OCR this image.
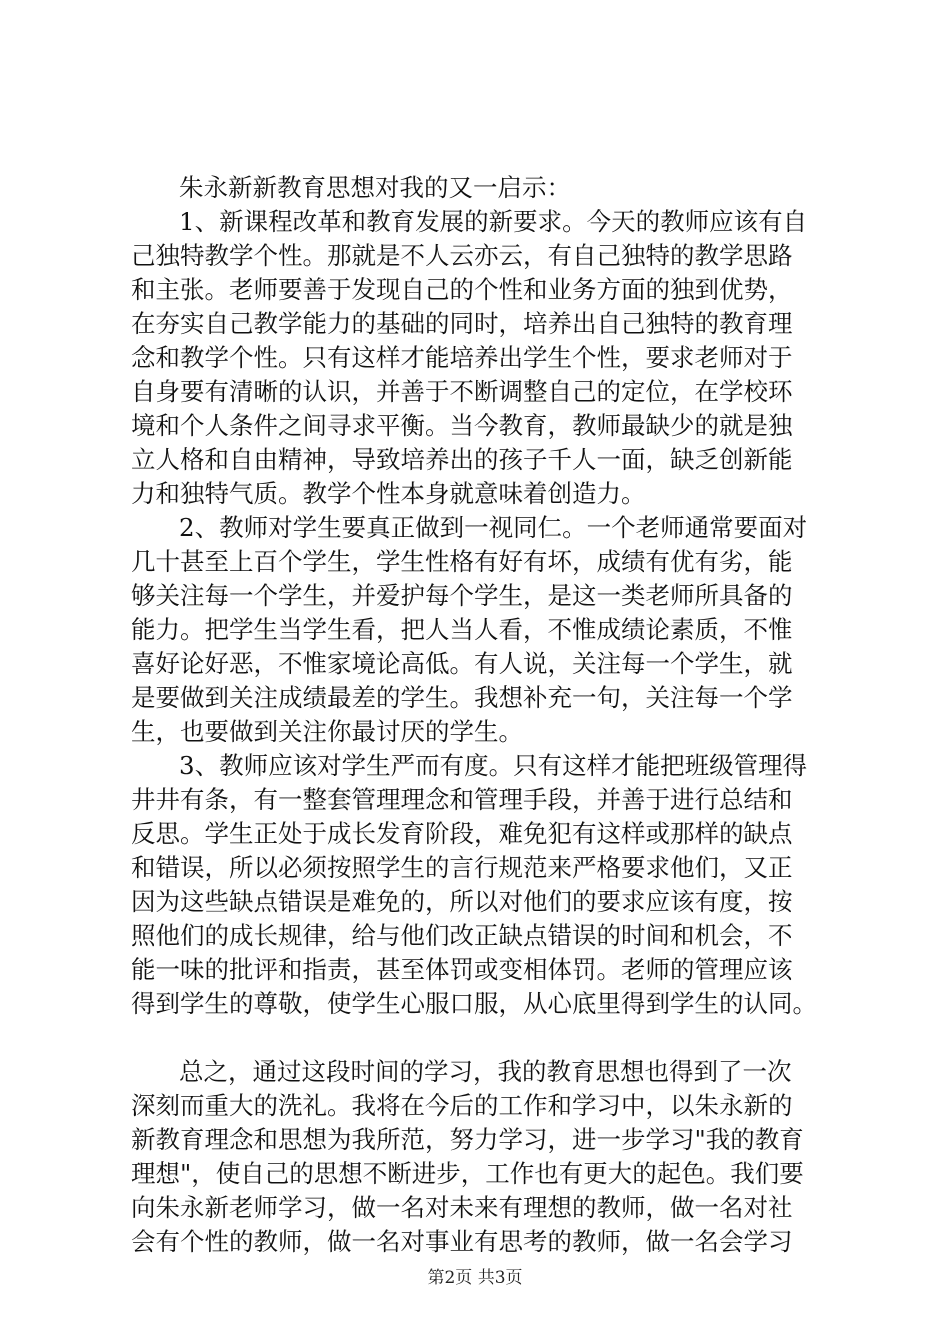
朱永新新教育思想对我的又一启示：
1、新课程改革和教育发展的新要求。今天的教师应该有自
己独特教学个性。那就是不人云亦云，有自己独特的教学思路
和主张。老师要善于发现自己的个性和业务方面的独到优势，
在夯实自己教学能力的基础的同时，培养出自己独特的教育理
念和教学个性。只有这样才能培养出学生个性，要求老师对于
自身要有清晰的认识，并善于不断调整自己的定位，在学校环
境和个人条件之间寻求平衡。当今教育，教师最缺少的就是独
立人格和自由精神，导致培养出的孩子千人一面，缺乏创新能
力和独特气质。教学个性本身就意味着创造力。
2、教师对学生要真正做到一视同仁。一个老师通常要面对
几十甚至上百个学生，学生性格有好有坏，成绩有优有劣，能
够关注每一个学生，并爱护每个学生，是这一类老师所具备的
能力。把学生当学生看，把人当人看，不惟成绩论素质，不惟
喜好论好恶，不惟家境论高低。有人说，关注每一个学生，就
是要做到关注成绩最差的学生。我想补充一句，关注每一个学
生，也要做到关注你最讨厌的学生。
3、教师应该对学生严而有度。只有这样才能把班级管理得
井井有条，有一整套管理理念和管理手段，并善于进行总结和
反思。学生正处于成长发育阶段，难免犯有这样或那样的缺点
和错误，所以必须按照学生的言行规范来严格要求他们，又正
因为这些缺点错误是难免的，所以对他们的要求应该有度，按
照他们的成长规律，给与他们改正缺点错误的时间和机会，不
能一味的批评和指责，甚至体罚或变相体罚。老师的管理应该
得到学生的尊敬，使学生心服口服，从心底里得到学生的认同。
总之，通过这段时间的学习，我的教育思想也得到了一次
深刻而重大的洗礼。我将在今后的工作和学习中，以朱永新的
新教育理念和思想为我所范，努力学习，进一步学习"我的教育
理想"，使自己的思想不断进步，工作也有更大的起色。我们要
向朱永新老师学习，做一名对未来有理想的教师，做一名对社
会有个性的教师，做一名对事业有思考的教师，做一名会学习
第2页 共3页
